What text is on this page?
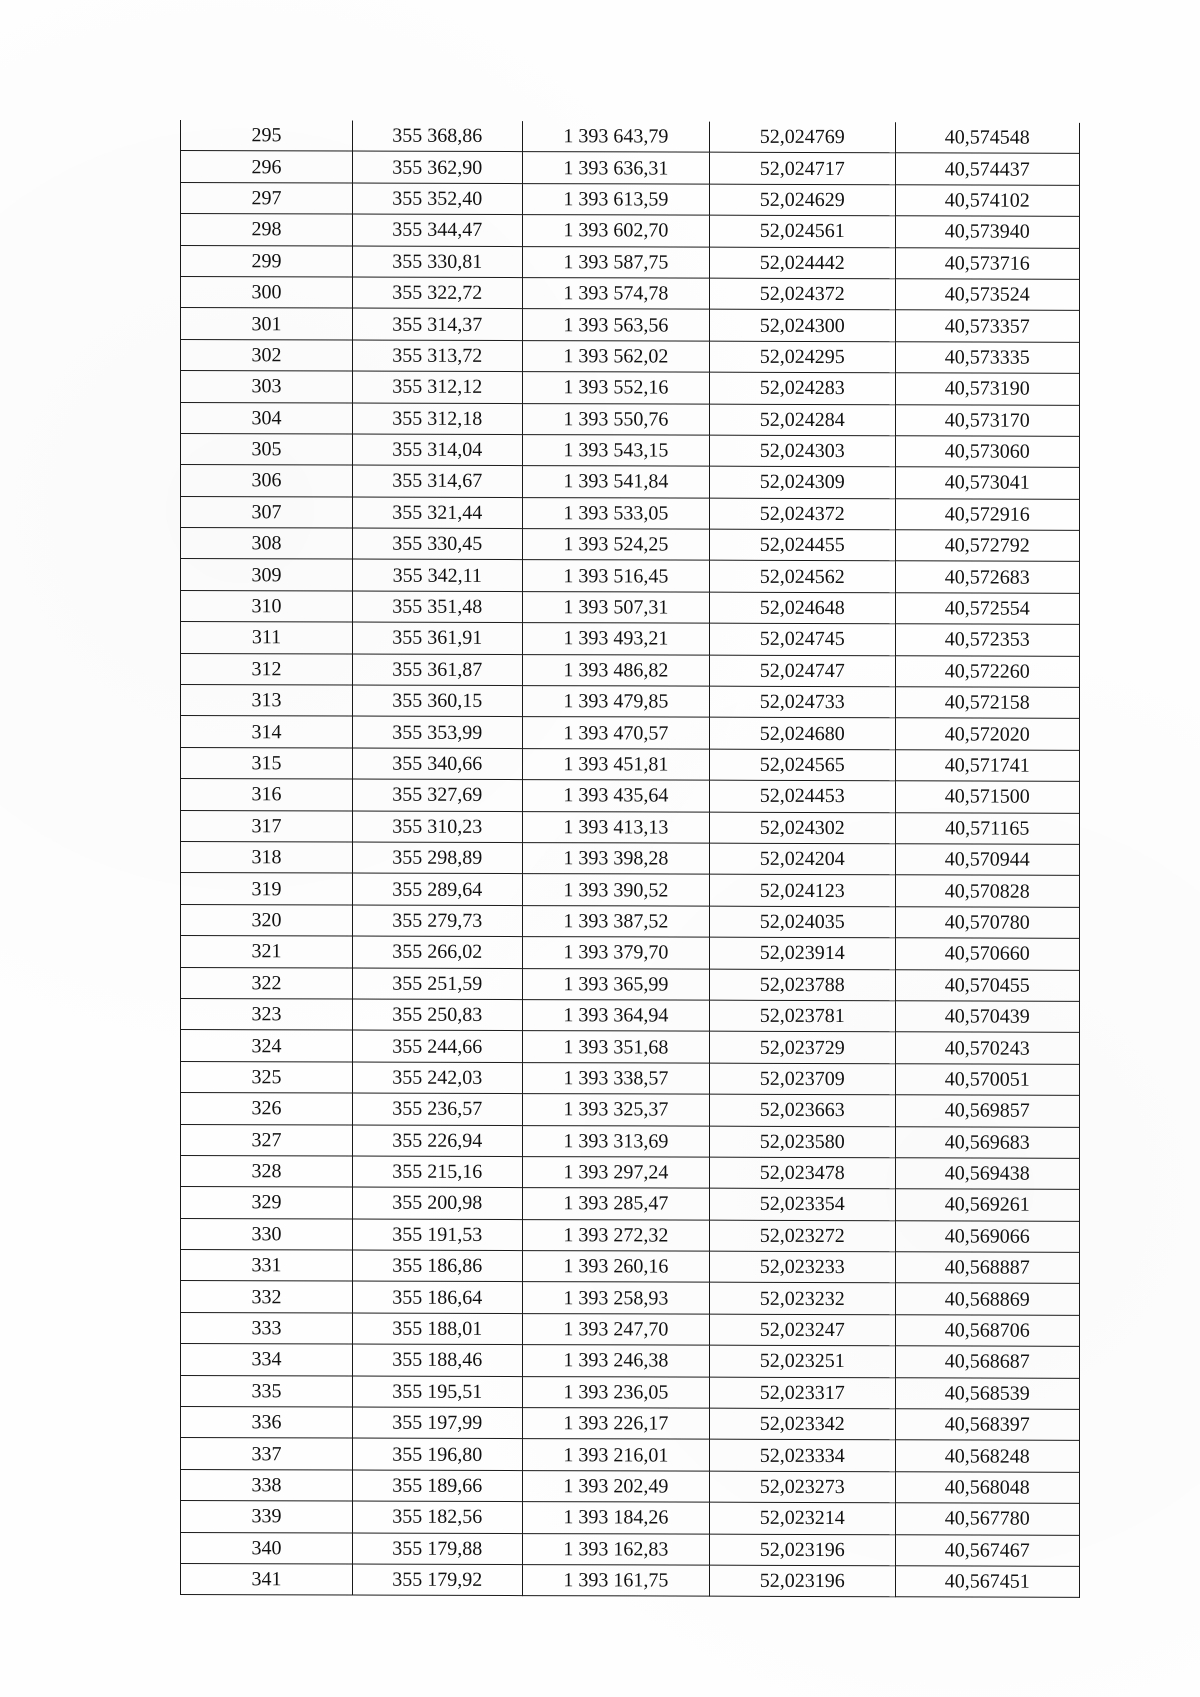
295	355 368,86	1 393 643,79	52,024769	40,574548
296	355 362,90	1 393 636,31	52,024717	40,574437
297	355 352,40	1 393 613,59	52,024629	40,574102
298	355 344,47	1 393 602,70	52,024561	40,573940
299	355 330,81	1 393 587,75	52,024442	40,573716
300	355 322,72	1 393 574,78	52,024372	40,573524
301	355 314,37	1 393 563,56	52,024300	40,573357
302	355 313,72	1 393 562,02	52,024295	40,573335
303	355 312,12	1 393 552,16	52,024283	40,573190
304	355 312,18	1 393 550,76	52,024284	40,573170
305	355 314,04	1 393 543,15	52,024303	40,573060
306	355 314,67	1 393 541,84	52,024309	40,573041
307	355 321,44	1 393 533,05	52,024372	40,572916
308	355 330,45	1 393 524,25	52,024455	40,572792
309	355 342,11	1 393 516,45	52,024562	40,572683
310	355 351,48	1 393 507,31	52,024648	40,572554
311	355 361,91	1 393 493,21	52,024745	40,572353
312	355 361,87	1 393 486,82	52,024747	40,572260
313	355 360,15	1 393 479,85	52,024733	40,572158
314	355 353,99	1 393 470,57	52,024680	40,572020
315	355 340,66	1 393 451,81	52,024565	40,571741
316	355 327,69	1 393 435,64	52,024453	40,571500
317	355 310,23	1 393 413,13	52,024302	40,571165
318	355 298,89	1 393 398,28	52,024204	40,570944
319	355 289,64	1 393 390,52	52,024123	40,570828
320	355 279,73	1 393 387,52	52,024035	40,570780
321	355 266,02	1 393 379,70	52,023914	40,570660
322	355 251,59	1 393 365,99	52,023788	40,570455
323	355 250,83	1 393 364,94	52,023781	40,570439
324	355 244,66	1 393 351,68	52,023729	40,570243
325	355 242,03	1 393 338,57	52,023709	40,570051
326	355 236,57	1 393 325,37	52,023663	40,569857
327	355 226,94	1 393 313,69	52,023580	40,569683
328	355 215,16	1 393 297,24	52,023478	40,569438
329	355 200,98	1 393 285,47	52,023354	40,569261
330	355 191,53	1 393 272,32	52,023272	40,569066
331	355 186,86	1 393 260,16	52,023233	40,568887
332	355 186,64	1 393 258,93	52,023232	40,568869
333	355 188,01	1 393 247,70	52,023247	40,568706
334	355 188,46	1 393 246,38	52,023251	40,568687
335	355 195,51	1 393 236,05	52,023317	40,568539
336	355 197,99	1 393 226,17	52,023342	40,568397
337	355 196,80	1 393 216,01	52,023334	40,568248
338	355 189,66	1 393 202,49	52,023273	40,568048
339	355 182,56	1 393 184,26	52,023214	40,567780
340	355 179,88	1 393 162,83	52,023196	40,567467
341	355 179,92	1 393 161,75	52,023196	40,567451
